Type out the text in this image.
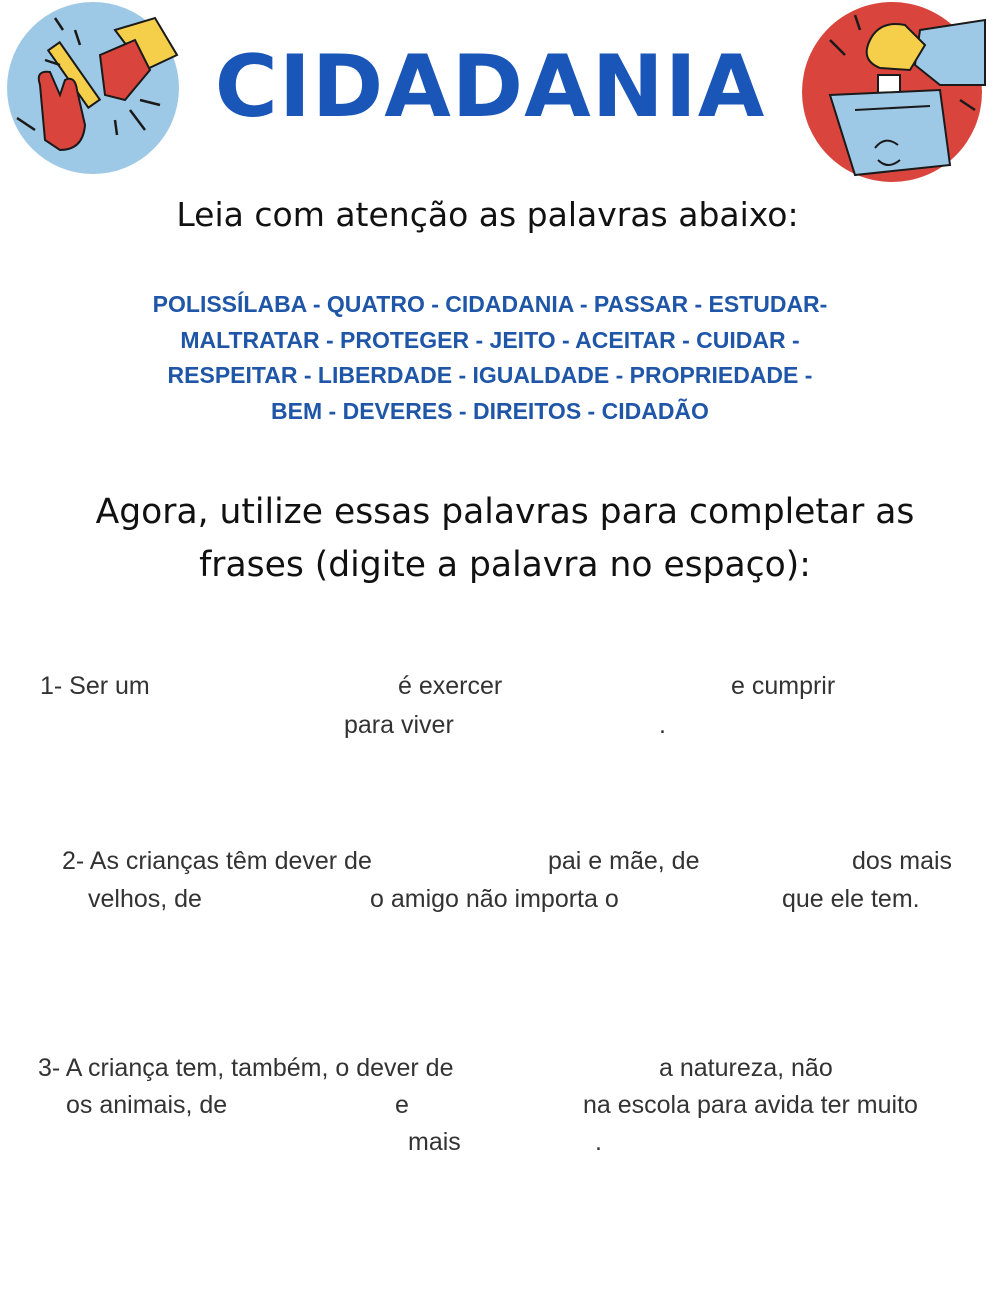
CIDADANIA
Leia com atenção as palavras abaixo:
POLISSÍLABA - QUATRO - CIDADANIA - PASSAR - ESTUDAR-
MALTRATAR - PROTEGER - JEITO - ACEITAR - CUIDAR -
RESPEITAR - LIBERDADE - IGUALDADE - PROPRIEDADE -
BEM - DEVERES - DIREITOS - CIDADÃO
Agora, utilize essas palavras para completar as
frases (digite a palavra no espaço):
1- Ser um	é exercer	e cumprir
para viver	.
2- As crianças têm dever de	pai e mãe, de	dos mais
velhos, de	o amigo não importa o	que ele tem.
3- A criança tem, também, o dever de	a natureza, não
os animais, de	e	na escola para avida ter muito
mais	.
